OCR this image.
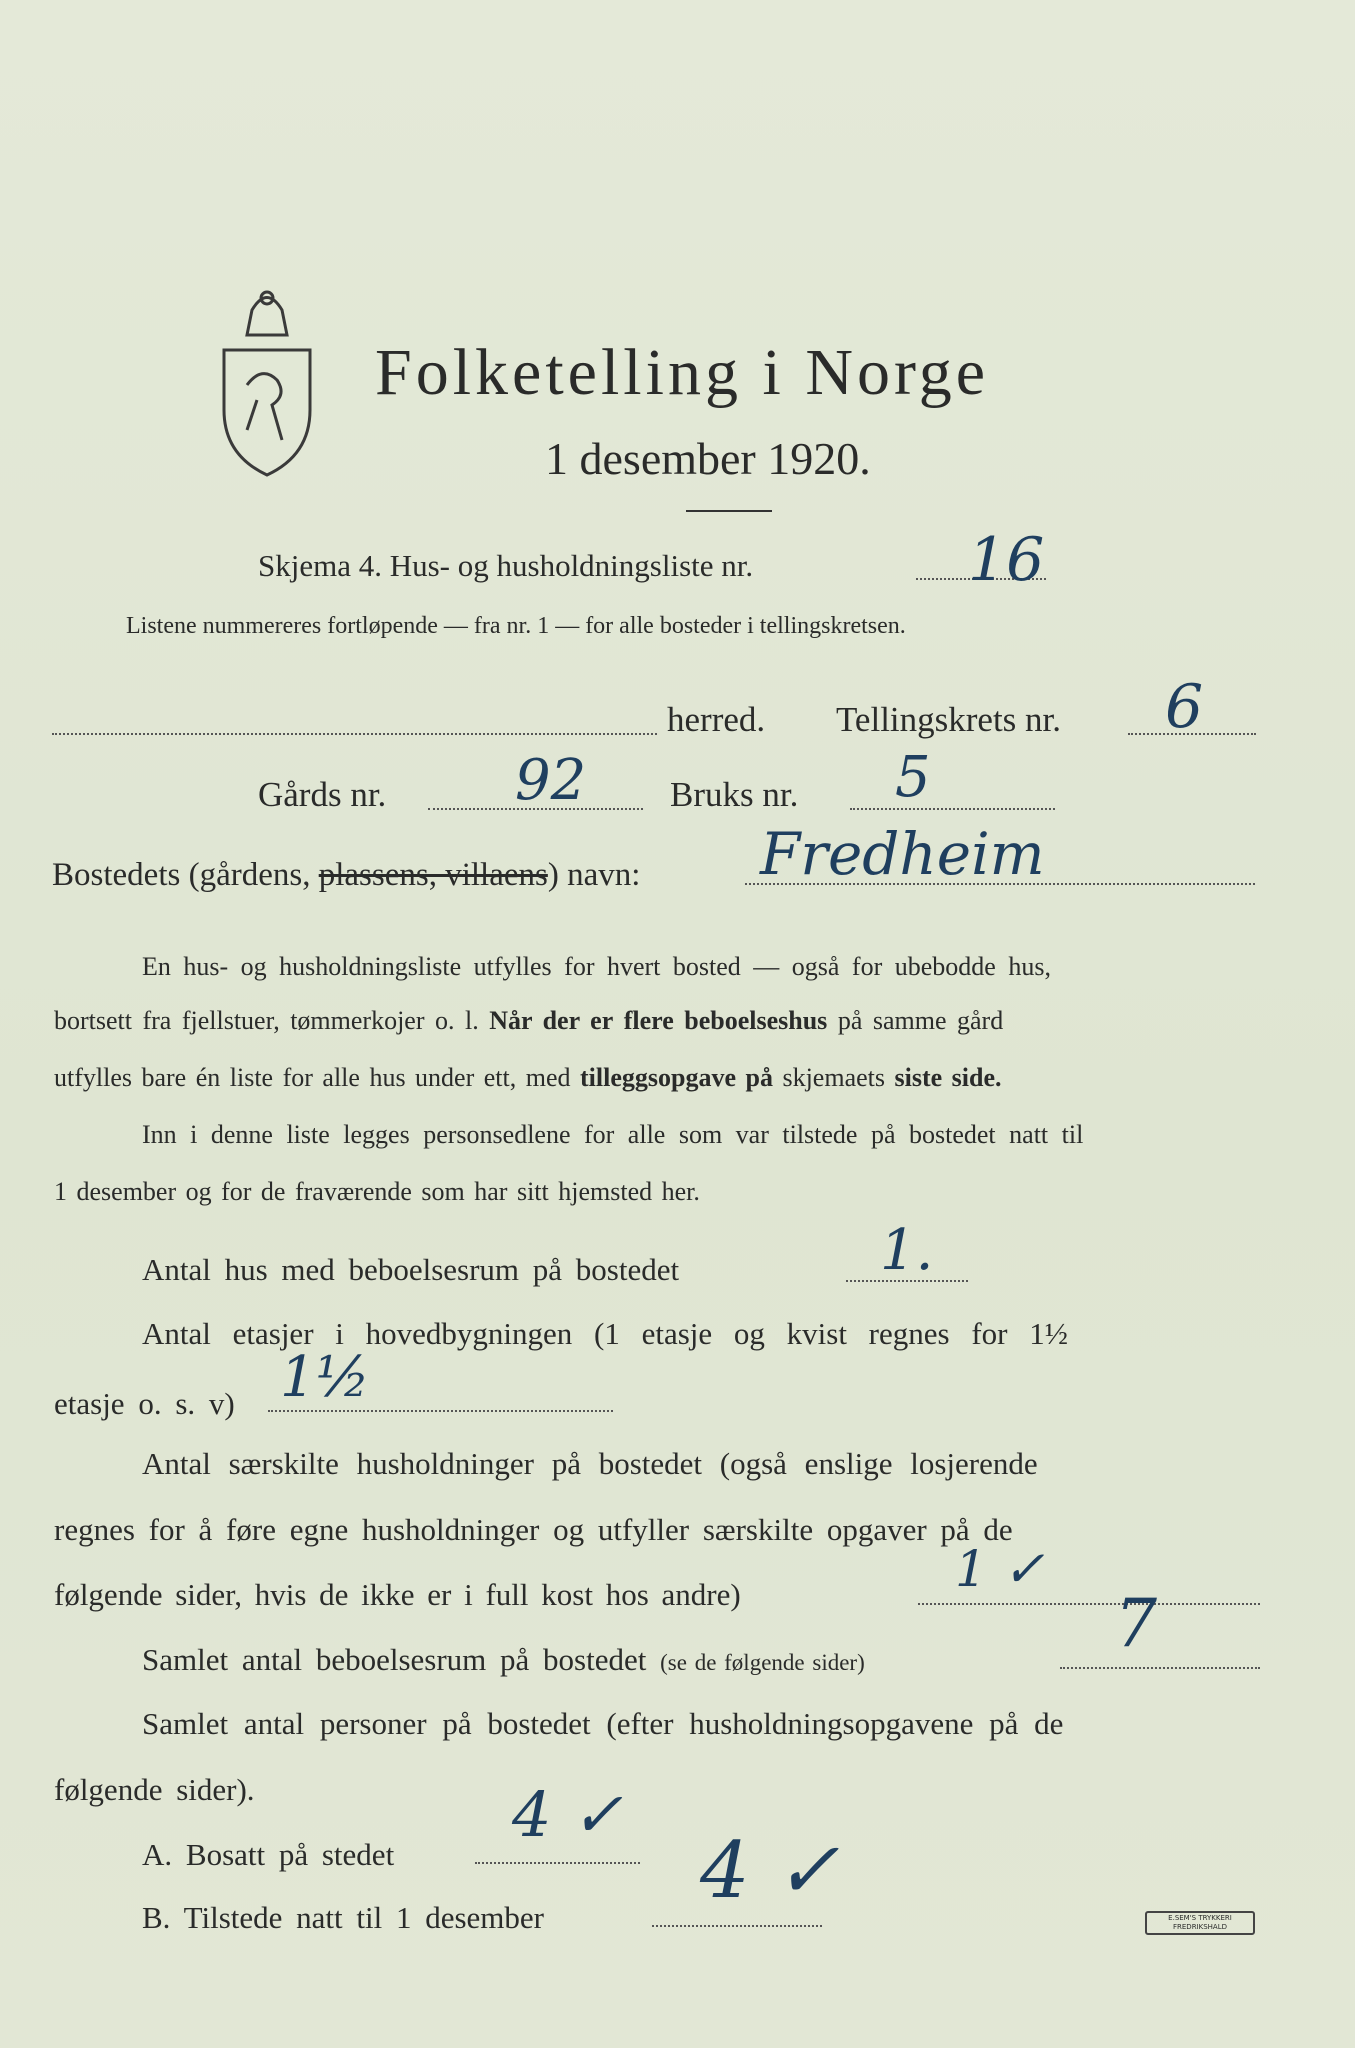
Folketelling i Norge
1 desember 1920.
Skjema 4. Hus- og husholdningsliste nr.	16
Listene nummereres fortløpende — fra nr. 1 — for alle bosteder i tellingskretsen.
herred. Tellingskrets nr. 6
Gårds nr. 92 Bruks nr. 5
Bostedets (gårdens, plassens, villaens) navn: Fredheim
En hus- og husholdningsliste utfylles for hvert bosted — også for ubebodde hus,
bortsett fra fjellstuer, tømmerkojer o. l. Når der er flere beboelseshus på samme gård
utfylles bare én liste for alle hus under ett, med tilleggsopgave på skjemaets siste side.
Inn i denne liste legges personsedlene for alle som var tilstede på bostedet natt til
1 desember og for de fraværende som har sitt hjemsted her.
Antal hus med beboelsesrum på bostedet	1.
Antal etasjer i hovedbygningen (1 etasje og kvist regnes for 1½
etasje o. s. v) 1½
Antal særskilte husholdninger på bostedet (også enslige losjerende
regnes for å føre egne husholdninger og utfyller særskilte opgaver på de
følgende sider, hvis de ikke er i full kost hos andre)	1 ✓
Samlet antal beboelsesrum på bostedet (se de følgende sider)
7
Samlet antal personer på bostedet (efter husholdningsopgavene på de
følgende sider).
A. Bosatt på stedet
4 ✓
B. Tilstede natt til 1 desember
4 ✓
E.SEM'S TRYKKERI
FREDRIKSHALD
